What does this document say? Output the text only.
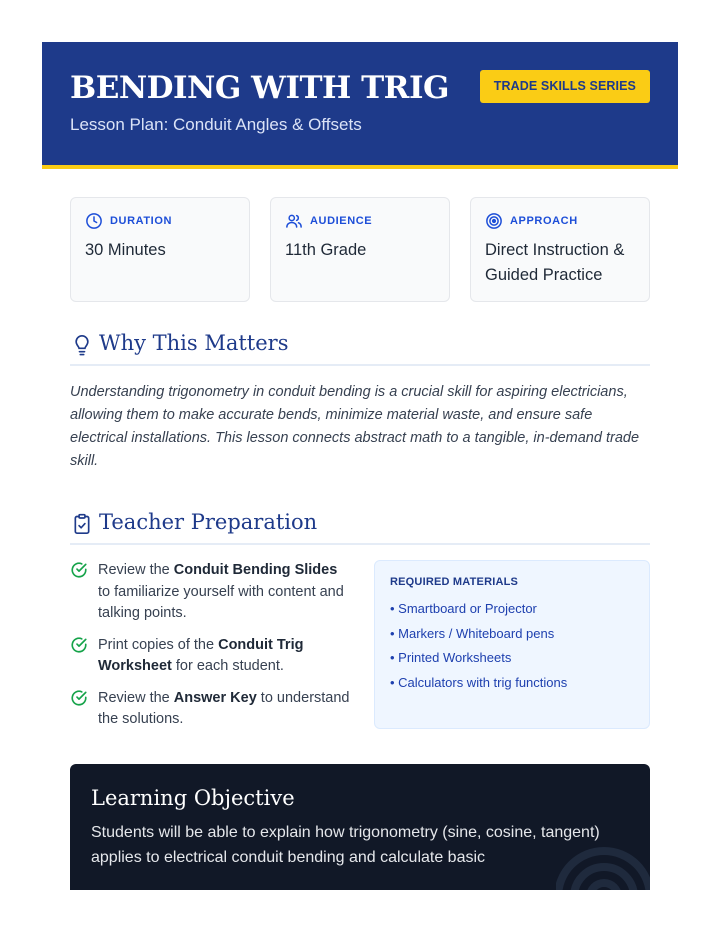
BENDING WITH TRIG
Lesson Plan: Conduit Angles & Offsets
TRADE SKILLS SERIES
DURATION
30 Minutes
AUDIENCE
11th Grade
APPROACH
Direct Instruction & Guided Practice
Why This Matters
Understanding trigonometry in conduit bending is a crucial skill for aspiring electricians, allowing them to make accurate bends, minimize material waste, and ensure safe electrical installations. This lesson connects abstract math to a tangible, in-demand trade skill.
Teacher Preparation
Review the Conduit Bending Slides to familiarize yourself with content and talking points.
Print copies of the Conduit Trig Worksheet for each student.
Review the Answer Key to understand the solutions.
REQUIRED MATERIALS
• Smartboard or Projector
• Markers / Whiteboard pens
• Printed Worksheets
• Calculators with trig functions
Learning Objective
Students will be able to explain how trigonometry (sine, cosine, tangent) applies to electrical conduit bending and calculate basic
